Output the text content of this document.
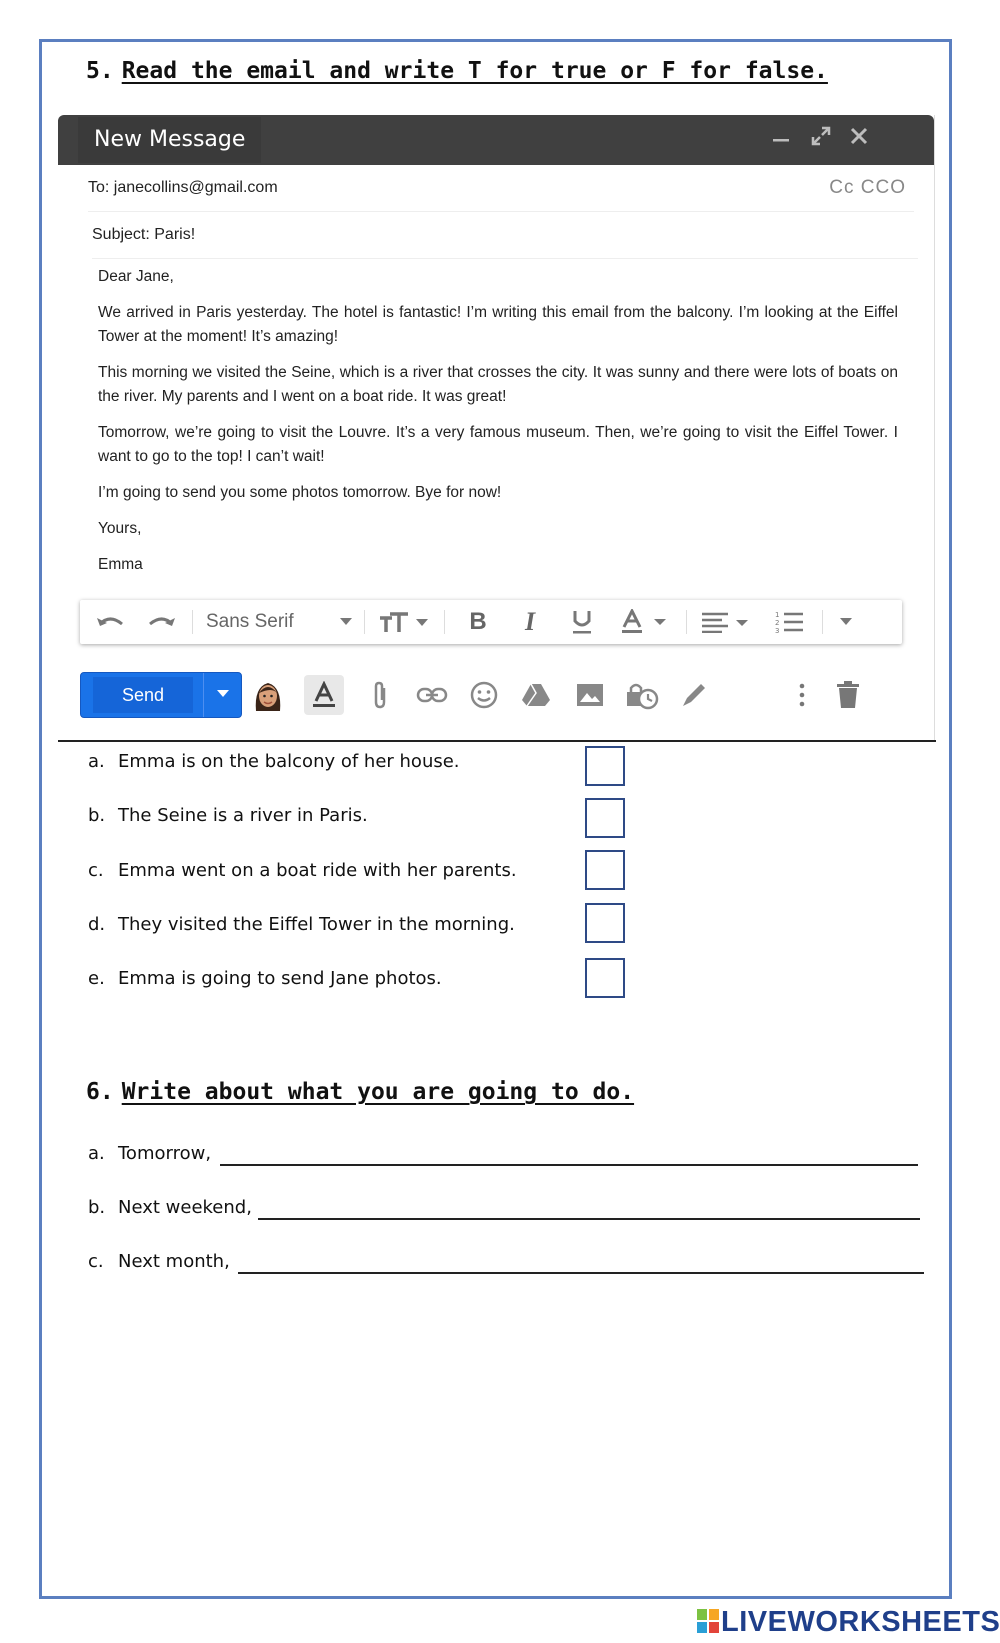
5. Read the email and write T for true or F for false.
New Message
To: janecollins@gmail.com	Cc CCO
Subject: Paris!

Dear Jane,

We arrived in Paris yesterday. The hotel is fantastic! I’m writing this email from the balcony. I’m looking at the Eiffel Tower at the moment! It’s amazing!

This morning we visited the Seine, which is a river that crosses the city. It was sunny and there were lots of boats on the river. My parents and I went on a boat ride. It was great!

Tomorrow, we’re going to visit the Louvre. It’s a very famous museum. Then, we’re going to visit the Eiffel Tower. I want to go to the top! I can’t wait!

I’m going to send you some photos tomorrow. Bye for now!

Yours,

Emma

Sans Serif	B	I	1
2
3
Send
a. Emma is on the balcony of her house.
b. The Seine is a river in Paris.
c. Emma went on a boat ride with her parents.
d. They visited the Eiffel Tower in the morning.
e. Emma is going to send Jane photos.
6. Write about what you are going to do.
a. Tomorrow,
b. Next weekend,
c. Next month,
LIVEWORKSHEETS
